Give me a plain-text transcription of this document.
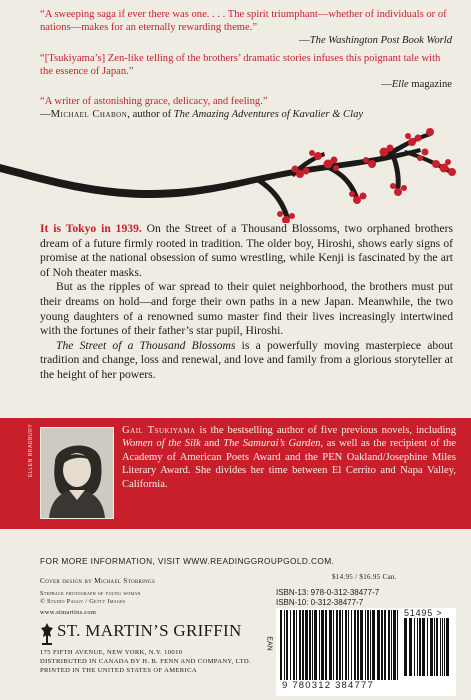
“A sweeping saga if ever there was one. . . . The spirit triumphant—whether of individuals or of nations—makes for an eternally rewarding theme.”
—The Washington Post Book World
“[Tsukiyama’s] Zen-like telling of the brothers’ dramatic stories infuses this poignant tale with the essence of Japan.”
—Elle magazine
“A writer of astonishing grace, delicacy, and feeling.”
—Michael Chabon, author of The Amazing Adventures of Kavalier & Clay

It is Tokyo in 1939. On the Street of a Thousand Blossoms, two orphaned brothers dream of a future firmly rooted in tradition. The older boy, Hiroshi, shows early signs of promise at the national obsession of sumo wrestling, while Kenji is fascinated by the art of Noh theater masks.

But as the ripples of war spread to their quiet neighborhood, the brothers must put their dreams on hold—and forge their own paths in a new Japan. Meanwhile, the two young daughters of a renowned sumo master find their lives increasingly intertwined with the fortunes of their father’s star pupil, Hiroshi.

The Street of a Thousand Blossoms is a powerfully moving masterpiece about tradition and change, loss and renewal, and love and family from a glorious storyteller at the height of her powers.

ELLEN BRADBURY	Gail Tsukiyama is the bestselling author of five previous novels, including Women of the Silk and The Samurai’s Garden, as well as the recipient of the Academy of American Poets Award and the PEN Oakland/Josephine Miles Literary Award. She divides her time between El Cerrito and Napa Valley, California.
FOR MORE INFORMATION, VISIT WWW.READINGGROUPGOLD.COM.
Cover design by Michael Storrings
Stepback photograph of young woman
© Studio Paggy / Getty Images
www.stmartins.com
ST. MARTIN’S GRIFFIN
175 FIFTH AVENUE, NEW YORK, N.Y. 10010
DISTRIBUTED IN CANADA BY H. B. FENN AND COMPANY, LTD.
PRINTED IN THE UNITED STATES OF AMERICA
$14.95 / $16.95 Can.
ISBN-13: 978-0-312-38477-7
ISBN-10: 0-312-38477-7
EAN
51495 >
9 780312 384777
